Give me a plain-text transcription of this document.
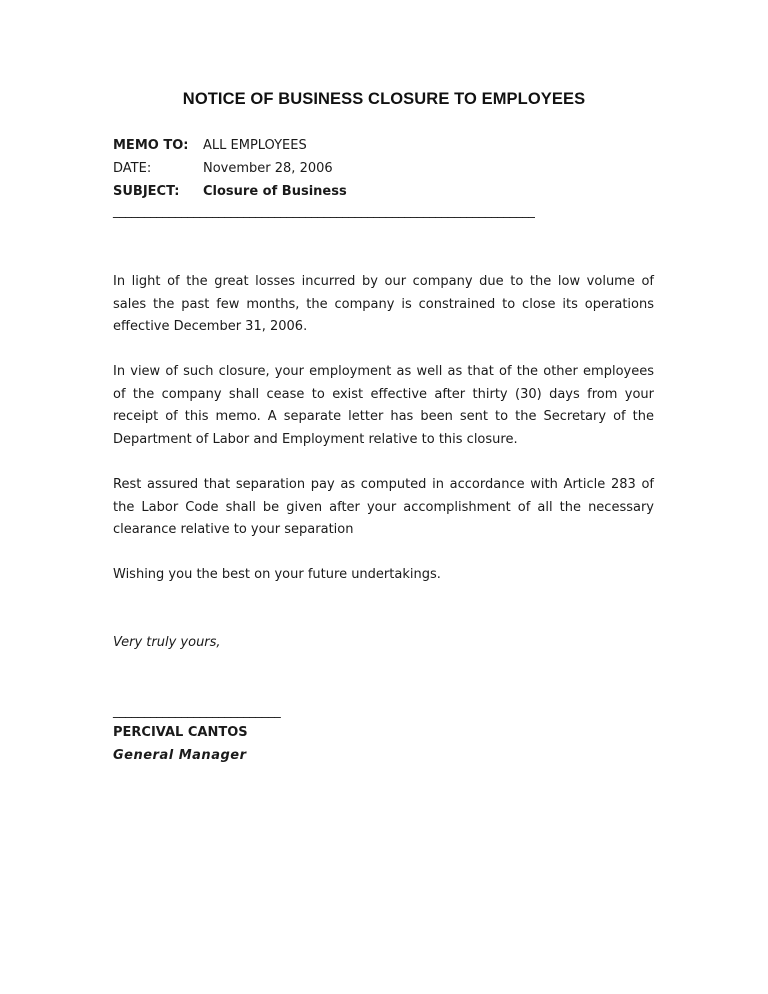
NOTICE OF BUSINESS CLOSURE TO EMPLOYEES
MEMO TO:	ALL EMPLOYEES
DATE:	November 28, 2006
SUBJECT:	Closure of Business
____________________________________________________________________

In light of the great losses incurred by our company due to the low volume of sales the past few months, the company is constrained to close its operations effective December 31, 2006.

In view of such closure, your employment as well as that of the other employees of the company shall cease to exist effective after thirty (30) days from your receipt of this memo. A separate letter has been sent to the Secretary of the Department of Labor and Employment relative to this closure.

Rest assured that separation pay as computed in accordance with Article 283 of the Labor Code shall be given after your accomplishment of all the necessary clearance relative to your separation

Wishing you the best on your future undertakings.

Very truly yours,
___________________________
PERCIVAL CANTOS
General Manager
